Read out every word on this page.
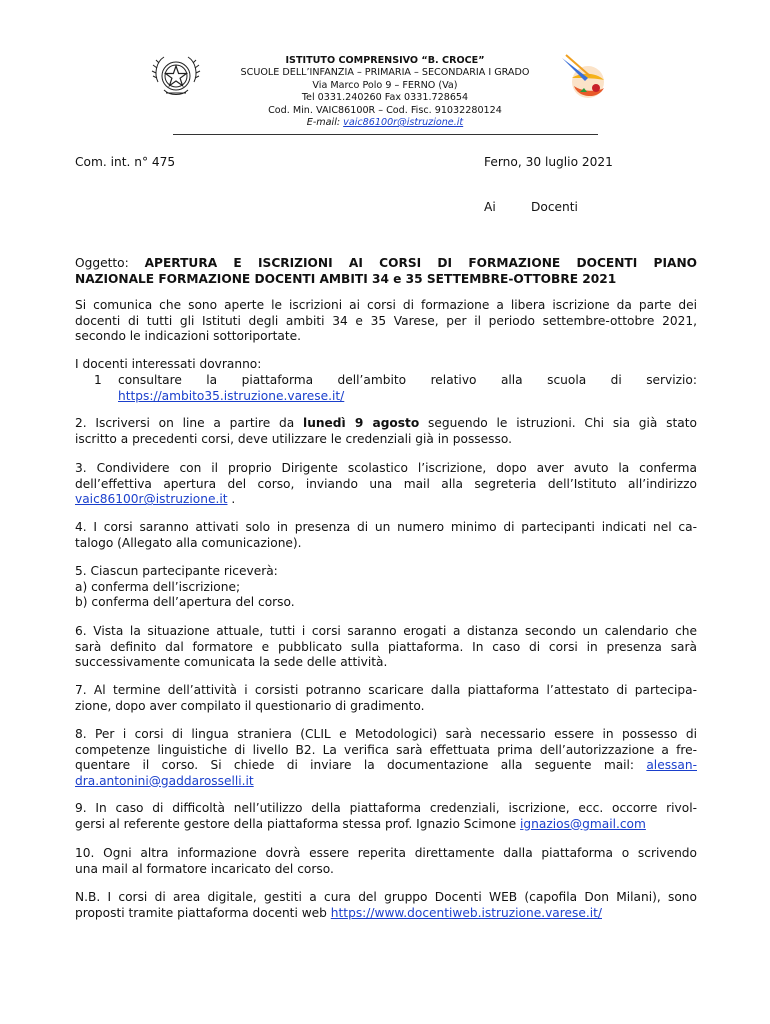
ISTITUTO COMPRENSIVO “B. CROCE”
SCUOLE DELL’INFANZIA – PRIMARIA – SECONDARIA I GRADO
Via Marco Polo 9 – FERNO (Va)
Tel 0331.240260 Fax 0331.728654
Cod. Min. VAIC86100R – Cod. Fisc. 91032280124
E-mail: vaic86100r@istruzione.it
Com. int. n° 475	Ferno, 30 luglio 2021
Ai	Docenti
Oggetto: APERTURA E ISCRIZIONI AI CORSI DI FORMAZIONE DOCENTI PIANO
NAZIONALE FORMAZIONE DOCENTI AMBITI 34 e 35 SETTEMBRE-OTTOBRE 2021
Si comunica che sono aperte le iscrizioni ai corsi di formazione a libera iscrizione da parte dei
docenti di tutti gli Istituti degli ambiti 34 e 35 Varese, per il periodo settembre-ottobre 2021,
secondo le indicazioni sottoriportate.
I docenti interessati dovranno:
1 consultare la piattaforma dell’ambito relativo alla scuola di servizio:
https://ambito35.istruzione.varese.it/
2. Iscriversi on line a partire da lunedì 9 agosto seguendo le istruzioni. Chi sia già stato
iscritto a precedenti corsi, deve utilizzare le credenziali già in possesso.
3. Condividere con il proprio Dirigente scolastico l’iscrizione, dopo aver avuto la conferma
dell’effettiva apertura del corso, inviando una mail alla segreteria dell’Istituto all’indirizzo
vaic86100r@istruzione.it .
4. I corsi saranno attivati solo in presenza di un numero minimo di partecipanti indicati nel ca-
talogo (Allegato alla comunicazione).
5. Ciascun partecipante riceverà:
a) conferma dell’iscrizione;
b) conferma dell’apertura del corso.
6. Vista la situazione attuale, tutti i corsi saranno erogati a distanza secondo un calendario che
sarà definito dal formatore e pubblicato sulla piattaforma. In caso di corsi in presenza sarà
successivamente comunicata la sede delle attività.
7. Al termine dell’attività i corsisti potranno scaricare dalla piattaforma l’attestato di partecipa-
zione, dopo aver compilato il questionario di gradimento.
8. Per i corsi di lingua straniera (CLIL e Metodologici) sarà necessario essere in possesso di
competenze linguistiche di livello B2. La verifica sarà effettuata prima dell’autorizzazione a fre-
quentare il corso. Si chiede di inviare la documentazione alla seguente mail: alessan-
dra.antonini@gaddarosselli.it
9. In caso di difficoltà nell’utilizzo della piattaforma credenziali, iscrizione, ecc. occorre rivol-
gersi al referente gestore della piattaforma stessa prof. Ignazio Scimone ignazios@gmail.com
10. Ogni altra informazione dovrà essere reperita direttamente dalla piattaforma o scrivendo
una mail al formatore incaricato del corso.
N.B. I corsi di area digitale, gestiti a cura del gruppo Docenti WEB (capofila Don Milani), sono
proposti tramite piattaforma docenti web https://www.docentiweb.istruzione.varese.it/
